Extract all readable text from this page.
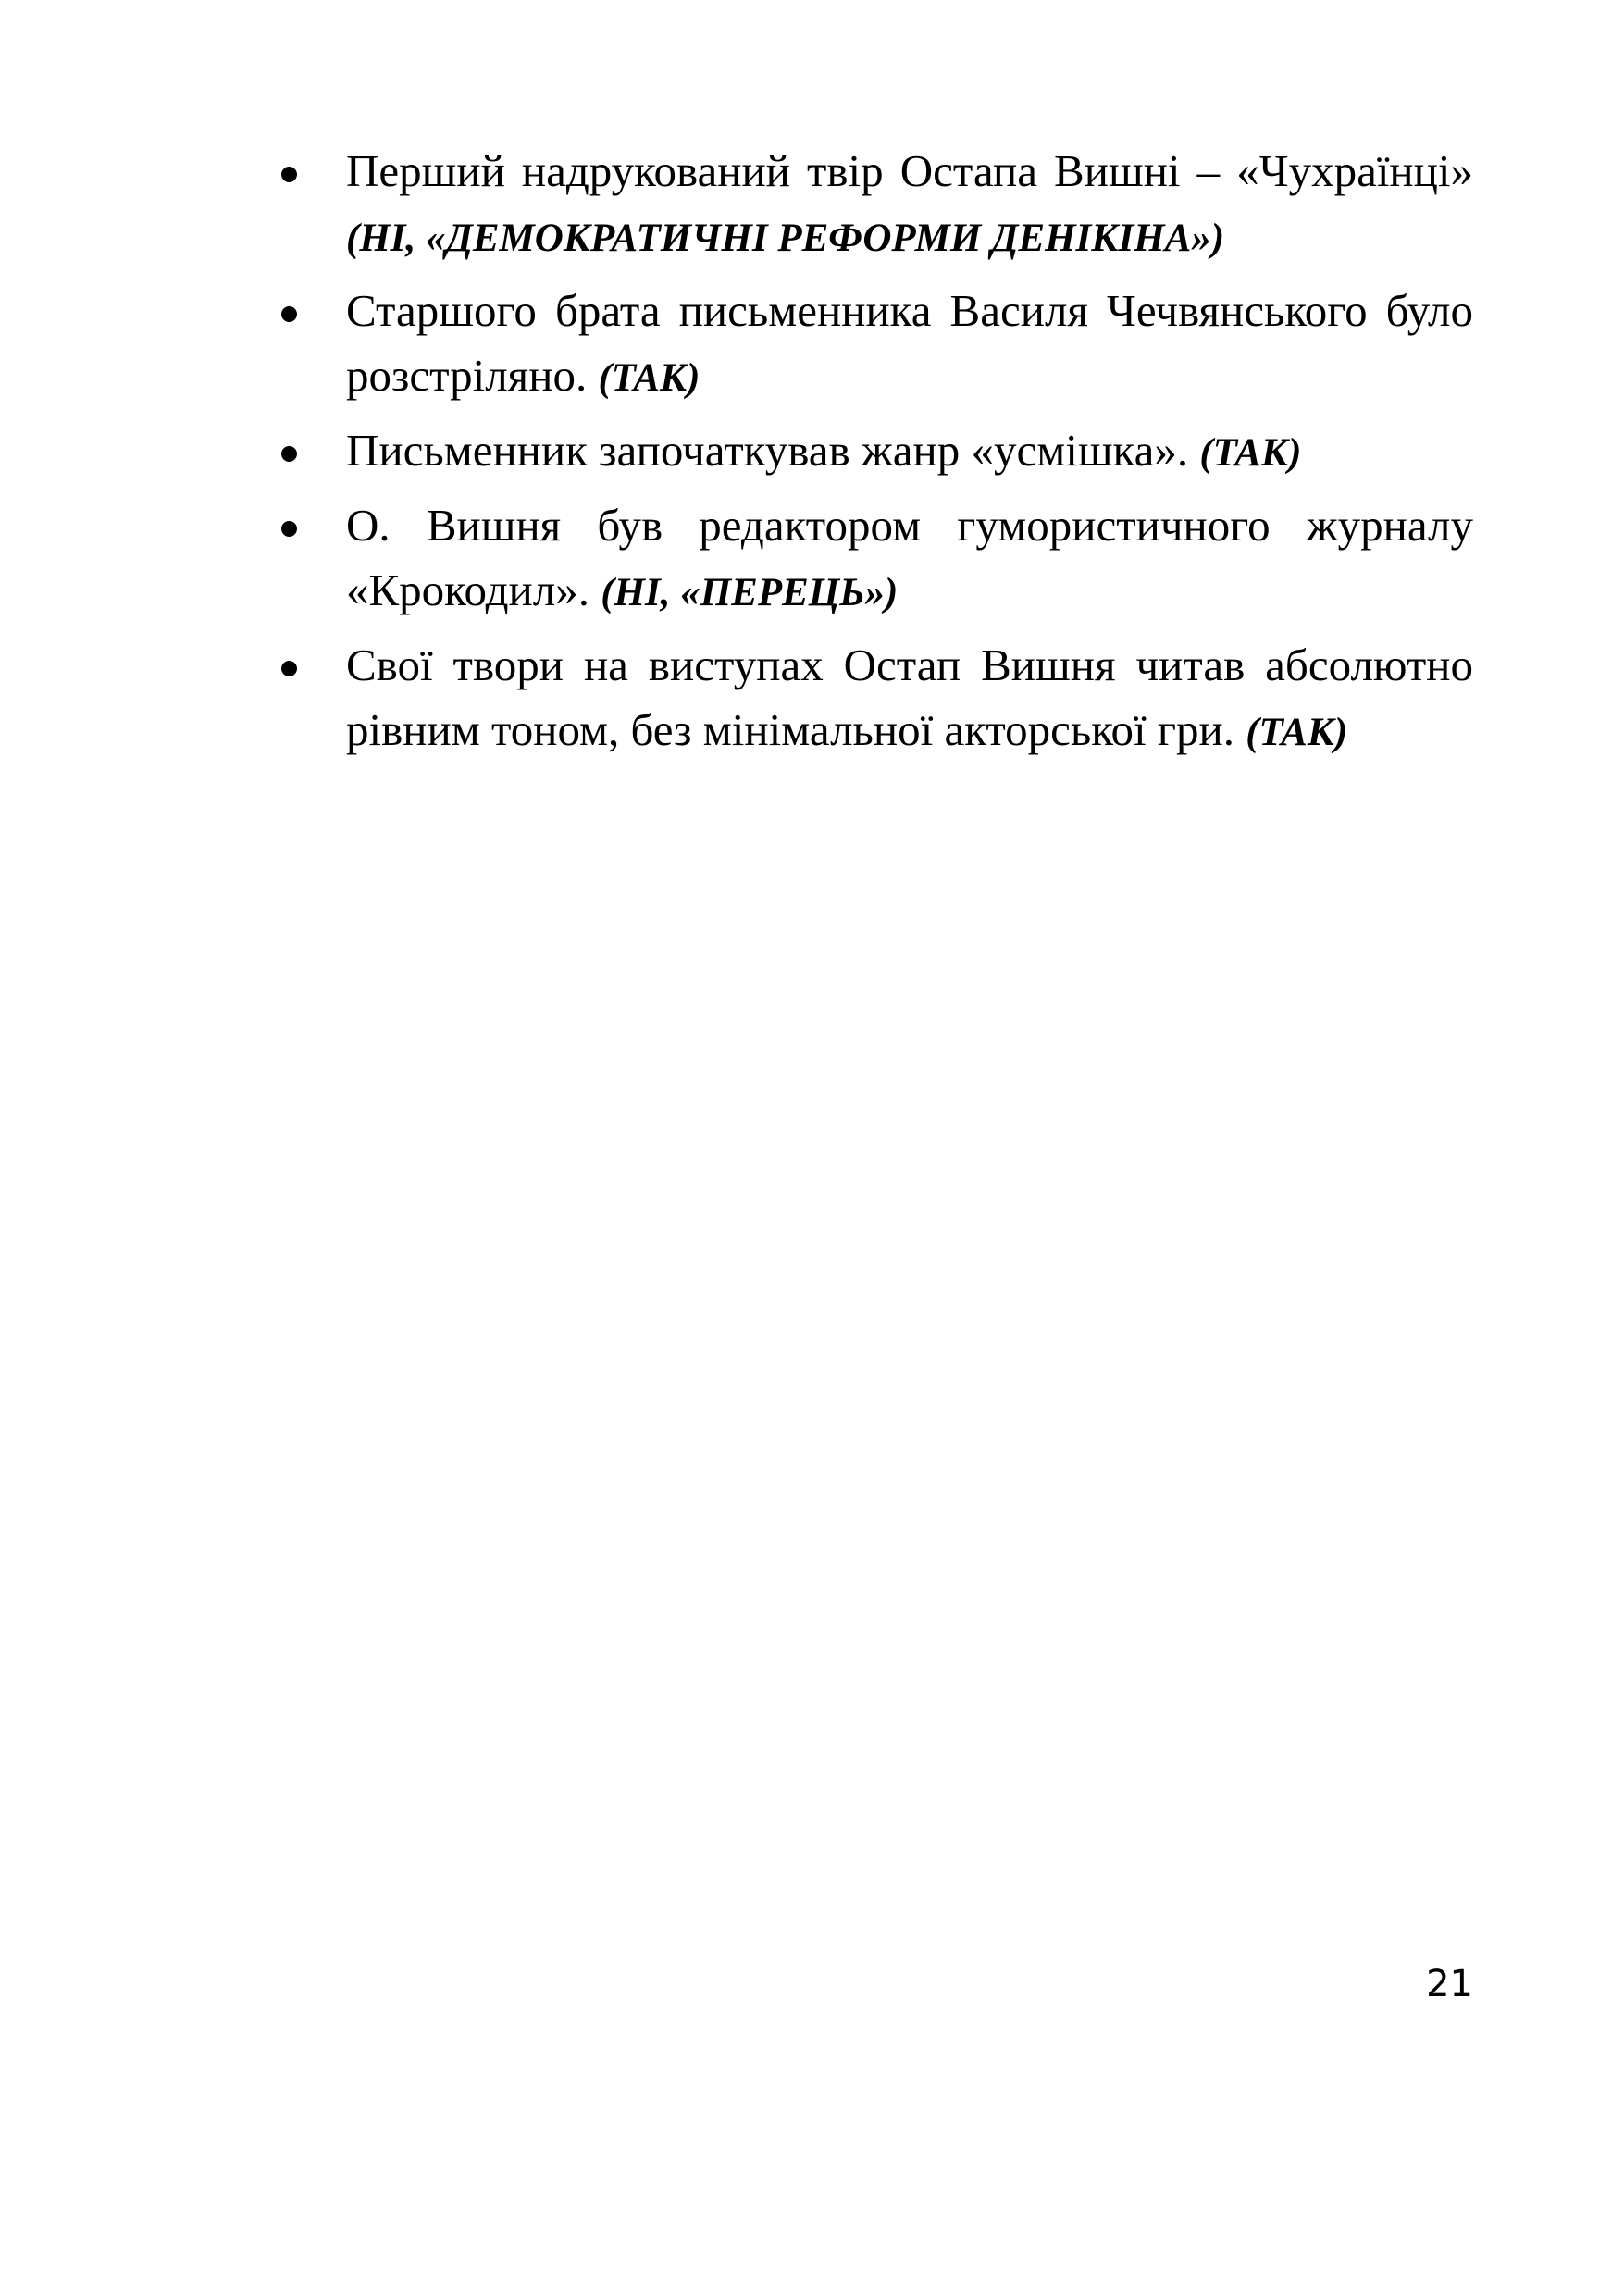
Перший надрукований твір Остапа Вишні – «Чухраїнці» (НІ, «ДЕМОКРАТИЧНІ РЕФОРМИ ДЕНІКІНА»)
Старшого брата письменника Василя Чечвянського було розстріляно. (ТАК)
Письменник започаткував жанр «усмішка». (ТАК)
О. Вишня був редактором гумористичного журналу «Крокодил». (НІ, «ПЕРЕЦЬ»)
Свої твори на виступах Остап Вишня читав абсолютно рівним тоном, без мінімальної акторської гри. (ТАК)
21
